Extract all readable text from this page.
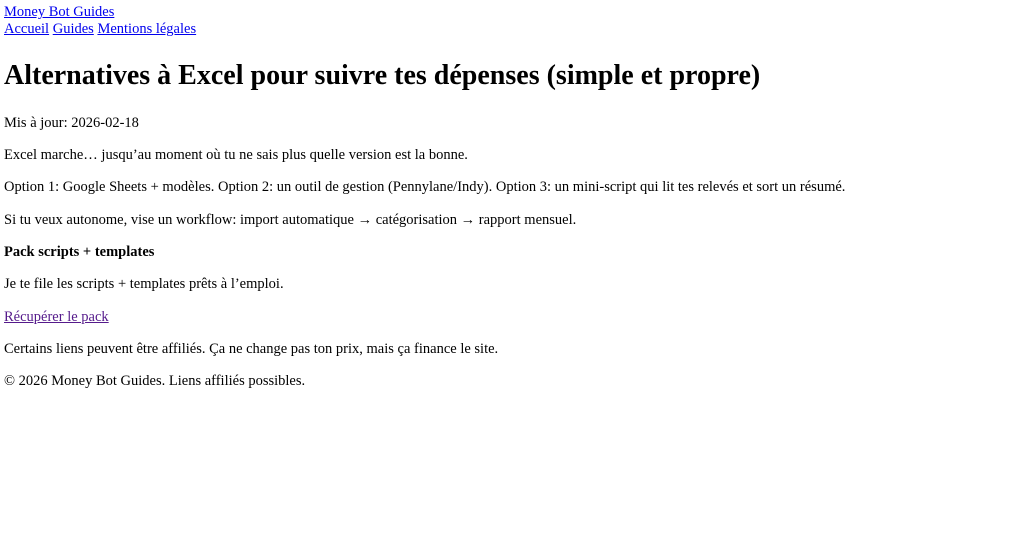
Money Bot Guides
Accueil Guides Mentions légales
Alternatives à Excel pour suivre tes dépenses (simple et propre)

Mis à jour: 2026-02-18

Excel marche… jusqu’au moment où tu ne sais plus quelle version est la bonne.

Option 1: Google Sheets + modèles. Option 2: un outil de gestion (Pennylane/Indy). Option 3: un mini-script qui lit tes relevés et sort un résumé.

Si tu veux autonome, vise un workflow: import automatique → catégorisation → rapport mensuel.

Pack scripts + templates

Je te file les scripts + templates prêts à l’emploi.

Récupérer le pack

Certains liens peuvent être affiliés. Ça ne change pas ton prix, mais ça finance le site.

© 2026 Money Bot Guides. Liens affiliés possibles.
